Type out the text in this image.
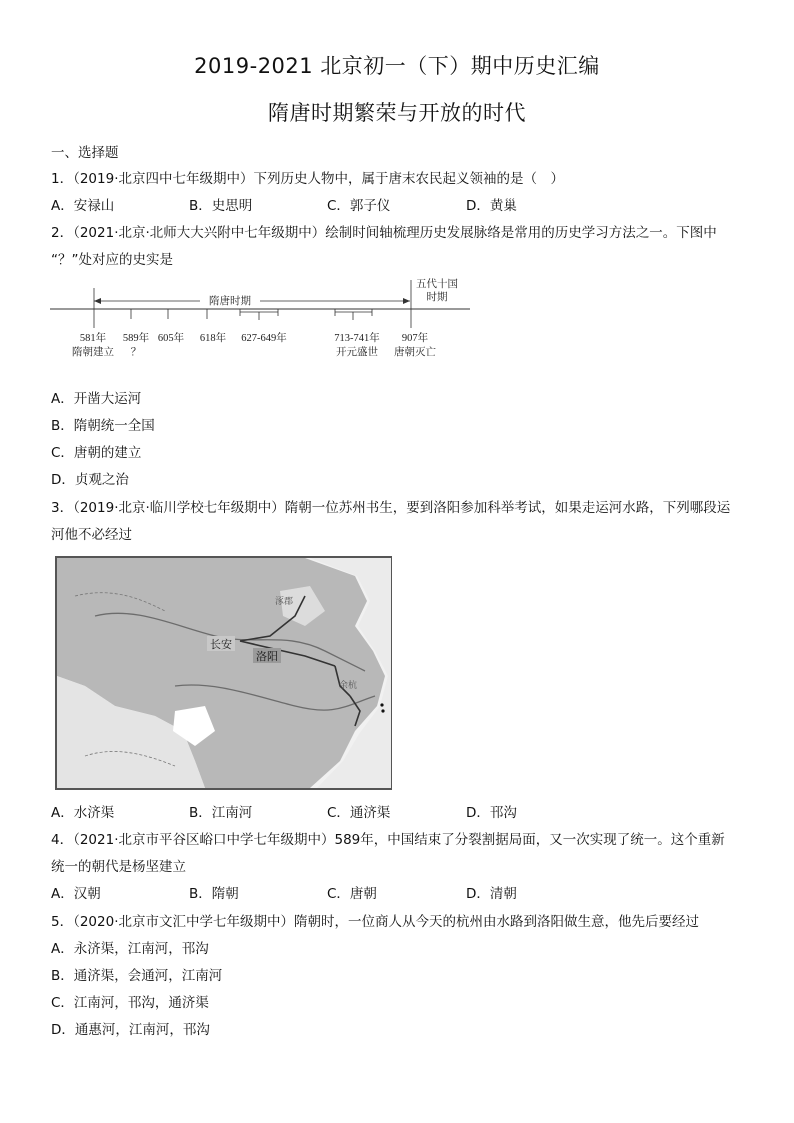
2019-2021 北京初一（下）期中历史汇编
隋唐时期繁荣与开放的时代
一、选择题
1．（2019·北京四中七年级期中）下列历史人物中，属于唐末农民起义领袖的是（　）
A．安禄山	B．史思明	C．郭子仪	D．黄巢
2．（2021·北京·北师大大兴附中七年级期中）绘制时间轴梳理历史发展脉络是常用的历史学习方法之一。下图中
“？”处对应的史实是
隋唐时期
五代十国
时期
581年
隋朝建立
589年
？
605年 618年 627-649年	713-741年
开元盛世
907年
唐朝灭亡
A．开凿大运河
B．隋朝统一全国
C．唐朝的建立
D．贞观之治
3．（2019·北京·临川学校七年级期中）隋朝一位苏州书生，要到洛阳参加科举考试，如果走运河水路，下列哪段运
河他不必经过
长安
洛阳
涿郡
余杭
A．水济渠	B．江南河	C．通济渠	D．邗沟
4．（2021·北京市平谷区峪口中学七年级期中）589年，中国结束了分裂割据局面，又一次实现了统一。这个重新
统一的朝代是杨坚建立
A．汉朝	B．隋朝	C．唐朝	D．清朝
5．（2020·北京市文汇中学七年级期中）隋朝时，一位商人从今天的杭州由水路到洛阳做生意，他先后要经过
A．永济渠，江南河，邗沟
B．通济渠，会通河，江南河
C．江南河，邗沟，通济渠
D．通惠河，江南河，邗沟
